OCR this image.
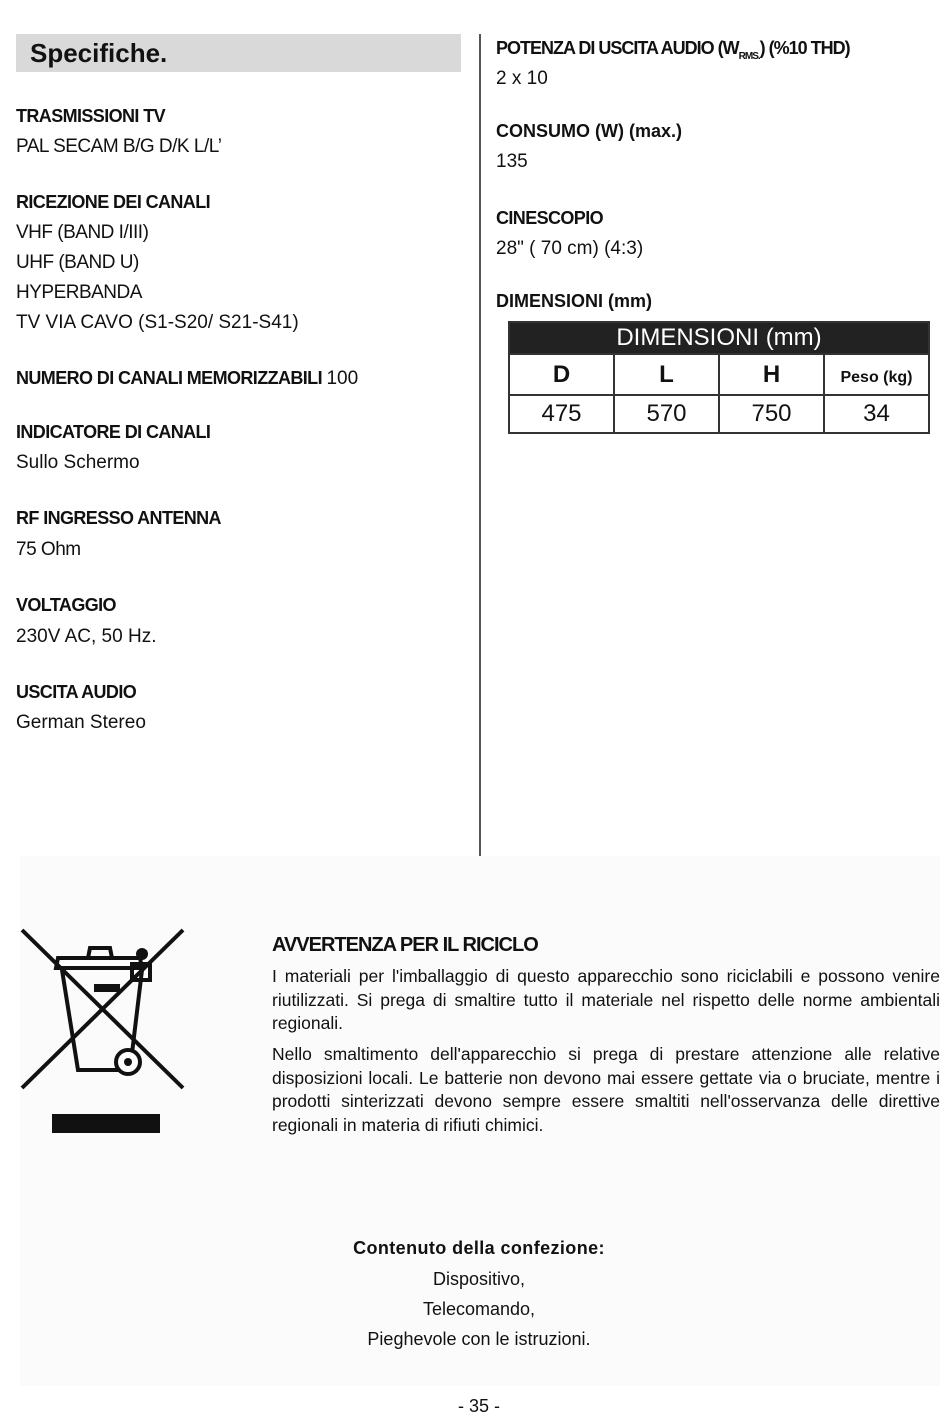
Specifiche.
TRASMISSIONI TV
PAL SECAM B/G D/K L/L’
RICEZIONE DEI CANALI
VHF (BAND I/III)
UHF (BAND U)
HYPERBANDA
TV VIA CAVO (S1-S20/ S21-S41)
NUMERO DI CANALI MEMORIZZABILI 100
INDICATORE DI CANALI
Sullo Schermo
RF INGRESSO ANTENNA
75 Ohm
VOLTAGGIO
230V AC, 50 Hz.
USCITA AUDIO
German Stereo
POTENZA DI USCITA AUDIO $(W_{RMS.})$ (%10 THD)
2 x 10
CONSUMO (W) (max.)
135
CINESCOPIO
28" ( 70 cm) (4:3)
DIMENSIONI (mm)
DIMENSIONI (mm)			
D	L	H	Peso (kg)
475	570	750	34
AVVERTENZA PER IL RICICLO
I materiali per l'imballaggio di questo apparecchio sono riciclabili e possono venire riutilizzati. Si prega di smaltire tutto il materiale nel rispetto delle norme ambientali regionali.
Nello smaltimento dell'apparecchio si prega di prestare attenzione alle relative disposizioni locali. Le batterie non devono mai essere gettate via o bruciate, mentre i prodotti sinterizzati devono sempre essere smaltiti nell'osservanza delle direttive regionali in materia di rifiuti chimici.
Contenuto della confezione:
Dispositivo,
Telecomando,
Pieghevole con le istruzioni.
- 35 -
